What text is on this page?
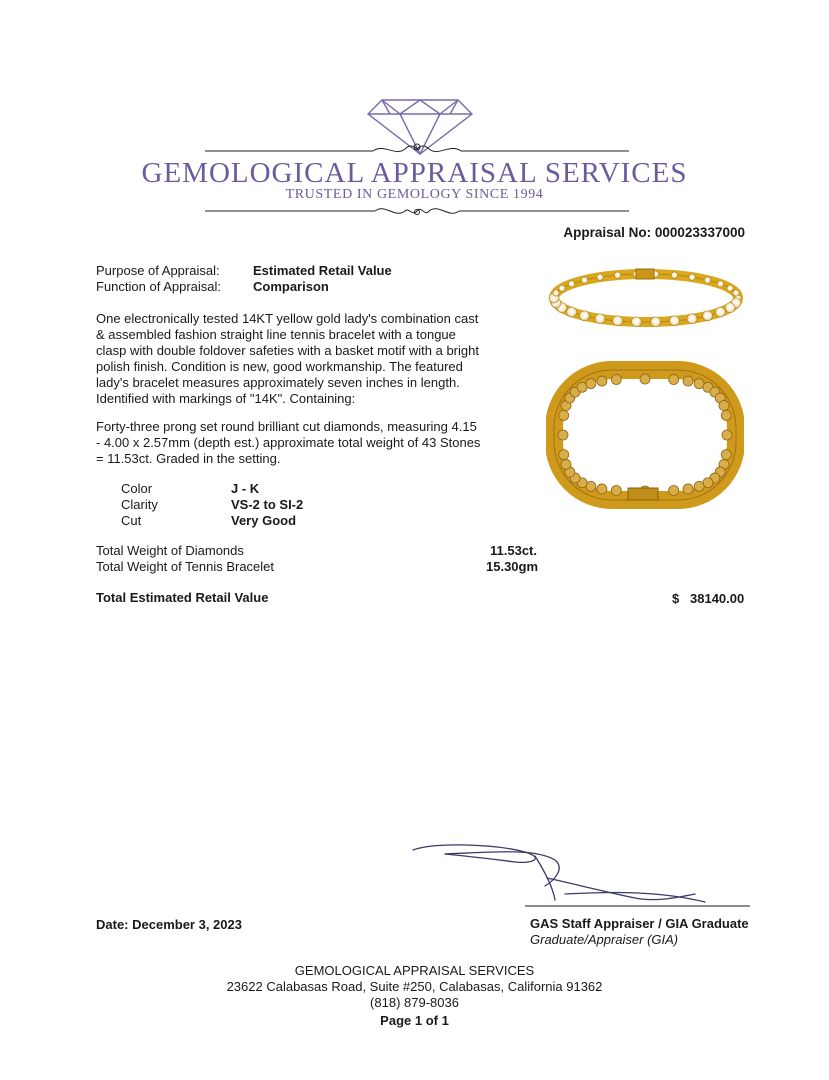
GEMOLOGICAL APPRAISAL SERVICES
TRUSTED IN GEMOLOGY SINCE 1994
Appraisal No: 000023337000
Purpose of Appraisal:	Estimated Retail Value
Function of Appraisal: Comparison
One electronically tested 14KT yellow gold lady's combination cast
& assembled fashion straight line tennis bracelet with a tongue
clasp with double foldover safeties with a basket motif with a bright
polish finish. Condition is new, good workmanship. The featured
lady's bracelet measures approximately seven inches in length.
Identified with markings of "14K". Containing:
Forty-three prong set round brilliant cut diamonds, measuring 4.15
- 4.00 x 2.57mm (depth est.) approximate total weight of 43 Stones
= 11.53ct. Graded in the setting.
Color	J - K
Clarity	VS-2 to SI-2
Cut	Very Good
Total Weight of Diamonds	11.53ct.
Total Weight of Tennis Bracelet	15.30gm
Total Estimated Retail Value	$ 38140.00
Date: December 3, 2023	GAS Staff Appraiser / GIA Graduate
Graduate/Appraiser (GIA)
GEMOLOGICAL APPRAISAL SERVICES
23622 Calabasas Road, Suite #250, Calabasas, California 91362
(818) 879-8036
Page 1 of 1
